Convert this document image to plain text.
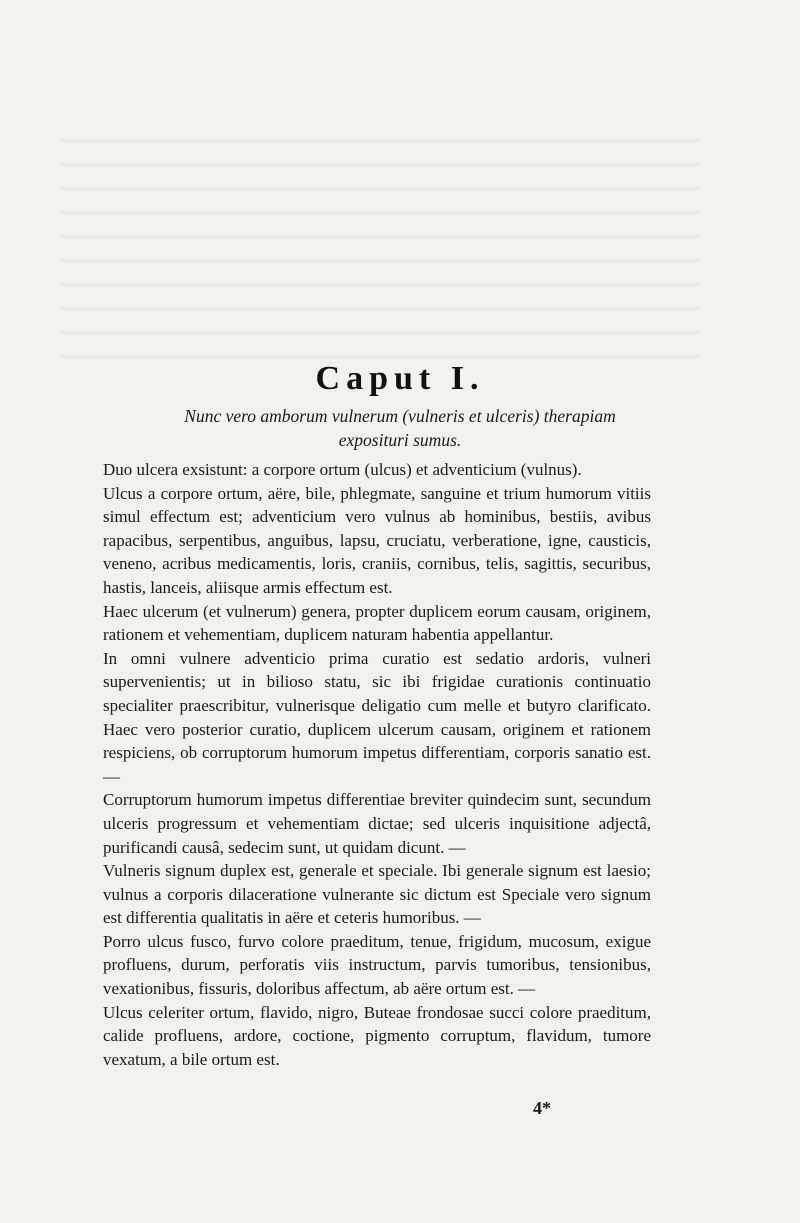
Caput I.
Nunc vero amborum vulnerum (vulneris et ulceris) therapiam
exposituri sumus.

Duo ulcera exsistunt: a corpore ortum (ulcus) et adventicium (vulnus).

Ulcus a corpore ortum, aëre, bile, phlegmate, sanguine et trium humorum vitiis simul effectum est; adventicium vero vulnus ab hominibus, bestiis, avibus rapacibus, serpentibus, anguibus, lapsu, cruciatu, verberatione, igne, causticis, veneno, acribus medicamentis, loris, craniis, cornibus, telis, sagittis, securibus, hastis, lanceis, aliisque armis effectum est.

Haec ulcerum (et vulnerum) genera, propter duplicem eorum causam, originem, rationem et vehementiam, duplicem naturam habentia appellantur.

In omni vulnere adventicio prima curatio est sedatio ardoris, vulneri supervenientis; ut in bilioso statu, sic ibi frigidae curationis continuatio specialiter praescribitur, vulnerisque deligatio cum melle et butyro clarificato. Haec vero posterior curatio, duplicem ulcerum causam, originem et rationem respiciens, ob corruptorum humorum impetus differentiam, corporis sanatio est. —

Corruptorum humorum impetus differentiae breviter quindecim sunt, secundum ulceris progressum et vehementiam dictae; sed ulceris inquisitione adjectâ, purificandi causâ, sedecim sunt, ut quidam dicunt. —

Vulneris signum duplex est, generale et speciale. Ibi generale signum est laesio; vulnus a corporis dilaceratione vulnerante sic dictum est Speciale vero signum est differentia qualitatis in aëre et ceteris humoribus. —

Porro ulcus fusco, furvo colore praeditum, tenue, frigidum, mucosum, exigue profluens, durum, perforatis viis instructum, parvis tumoribus, tensionibus, vexationibus, fissuris, doloribus affectum, ab aëre ortum est. —

Ulcus celeriter ortum, flavido, nigro, Buteae frondosae succi colore praeditum, calide profluens, ardore, coctione, pigmento corruptum, flavidum, tumore vexatum, a bile ortum est.

4*
